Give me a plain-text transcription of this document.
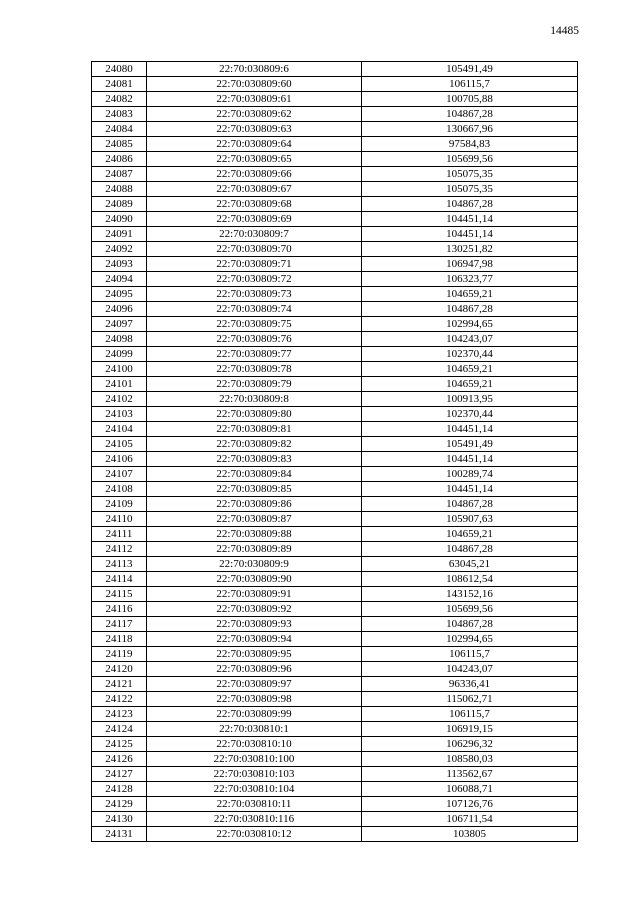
14485
24080	22:70:030809:6	105491,49
24081	22:70:030809:60	106115,7
24082	22:70:030809:61	100705,88
24083	22:70:030809:62	104867,28
24084	22:70:030809:63	130667,96
24085	22:70:030809:64	97584,83
24086	22:70:030809:65	105699,56
24087	22:70:030809:66	105075,35
24088	22:70:030809:67	105075,35
24089	22:70:030809:68	104867,28
24090	22:70:030809:69	104451,14
24091	22:70:030809:7	104451,14
24092	22:70:030809:70	130251,82
24093	22:70:030809:71	106947,98
24094	22:70:030809:72	106323,77
24095	22:70:030809:73	104659,21
24096	22:70:030809:74	104867,28
24097	22:70:030809:75	102994,65
24098	22:70:030809:76	104243,07
24099	22:70:030809:77	102370,44
24100	22:70:030809:78	104659,21
24101	22:70:030809:79	104659,21
24102	22:70:030809:8	100913,95
24103	22:70:030809:80	102370,44
24104	22:70:030809:81	104451,14
24105	22:70:030809:82	105491,49
24106	22:70:030809:83	104451,14
24107	22:70:030809:84	100289,74
24108	22:70:030809:85	104451,14
24109	22:70:030809:86	104867,28
24110	22:70:030809:87	105907,63
24111	22:70:030809:88	104659,21
24112	22:70:030809:89	104867,28
24113	22:70:030809:9	63045,21
24114	22:70:030809:90	108612,54
24115	22:70:030809:91	143152,16
24116	22:70:030809:92	105699,56
24117	22:70:030809:93	104867,28
24118	22:70:030809:94	102994,65
24119	22:70:030809:95	106115,7
24120	22:70:030809:96	104243,07
24121	22:70:030809:97	96336,41
24122	22:70:030809:98	115062,71
24123	22:70:030809:99	106115,7
24124	22:70:030810:1	106919,15
24125	22:70:030810:10	106296,32
24126	22:70:030810:100	108580,03
24127	22:70:030810:103	113562,67
24128	22:70:030810:104	106088,71
24129	22:70:030810:11	107126,76
24130	22:70:030810:116	106711,54
24131	22:70:030810:12	103805
